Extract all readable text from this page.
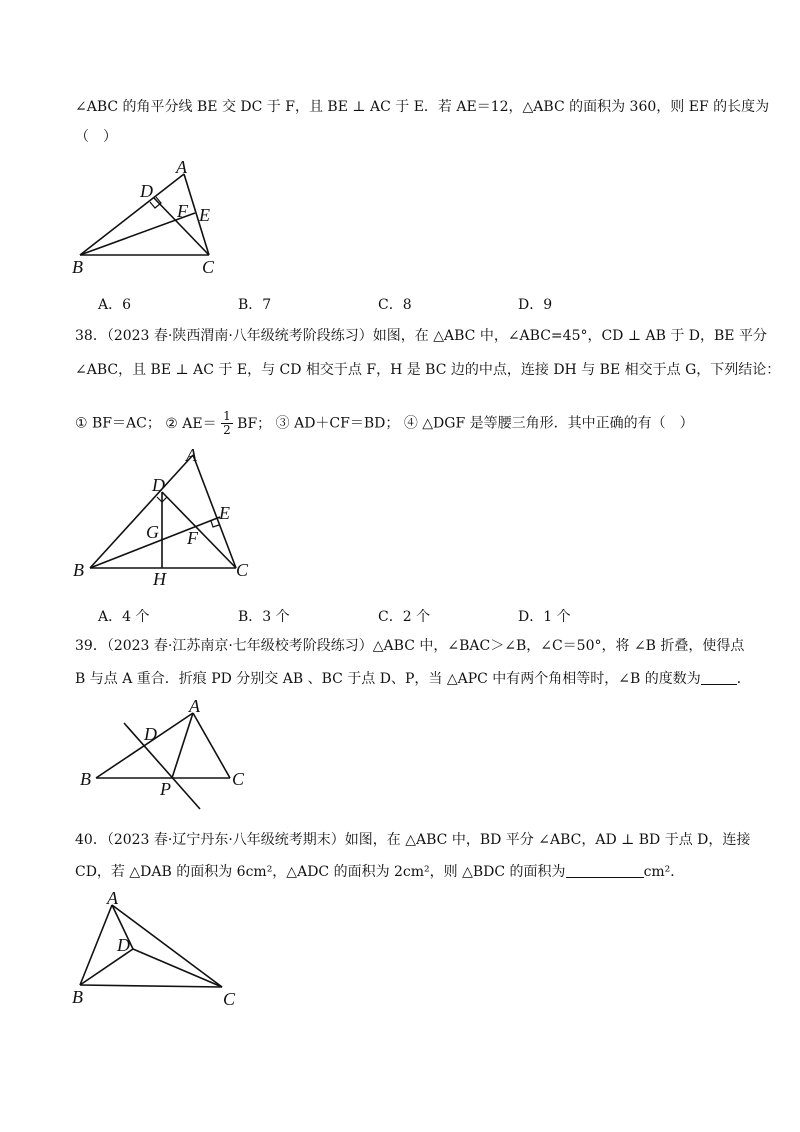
∠ABC 的角平分线 BE 交 DC 于 F，且 BE ⊥ AC 于 E．若 AE＝12，△ABC 的面积为 360，则 EF 的长度为
（　）
A
D
F E
B	C
A．6	B．7	C．8	D．9
38．（2023 春·陕西渭南·八年级统考阶段练习）如图，在 △ABC 中，∠ABC=45°，CD ⊥ AB 于 D，BE 平分
∠ABC，且 BE ⊥ AC 于 E，与 CD 相交于点 F，H 是 BC 边的中点，连接 DH 与 BE 相交于点 G，下列结论：
① BF＝AC； ② $AE= \frac{1}{2}$ BF； ③ AD＋CF＝BD； ④ △DGF 是等腰三角形．其中正确的有（　）
A
D
E
G F
B	H	C
A．4 个	B．3 个	C．2 个	D．1 个
39．（2023 春·江苏南京·七年级校考阶段练习）△ABC 中，∠BAC＞∠B，∠C＝50°，将 ∠B 折叠，使得点
B 与点 A 重合．折痕 PD 分别交 AB 、BC 于点 D、P，当 △APC 中有两个角相等时，∠B 的度数为	．
A
D
B	C
P
40．（2023 春·辽宁丹东·八年级统考期末）如图，在 △ABC 中，BD 平分 ∠ABC，AD ⊥ BD 于点 D，连接
CD，若 △DAB 的面积为 6cm²，△ADC 的面积为 2cm²，则 △BDC 的面积为	cm²．
A
D
B	C
